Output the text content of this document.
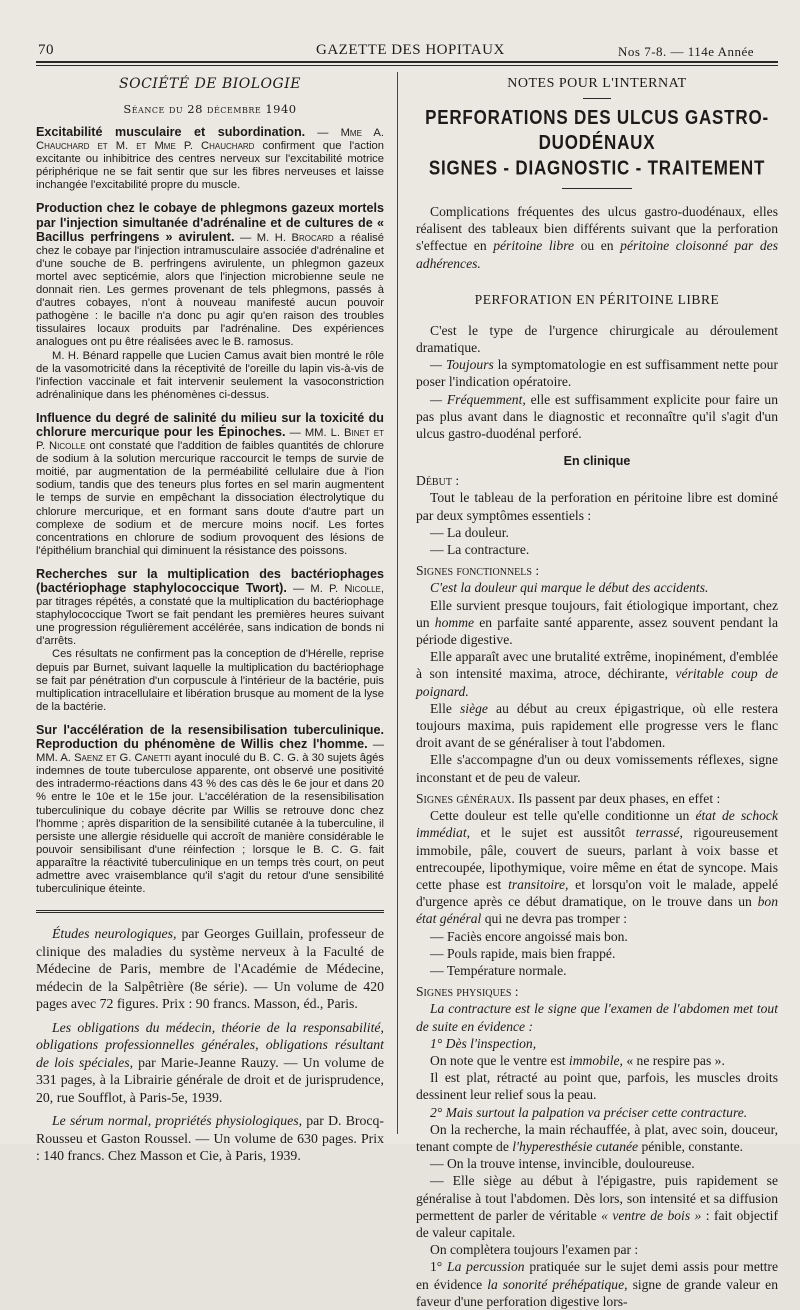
70	GAZETTE DES HOPITAUX	Nos 7-8. — 114e Année

SOCIÉTÉ DE BIOLOGIE

Séance du 28 décembre 1940

Excitabilité musculaire et subordination. — Mme A. Chauchard et M. et Mme P. Chauchard confirment que l'action excitante ou inhibitrice des centres nerveux sur l'excitabilité motrice périphérique ne se fait sentir que sur les fibres nerveuses et laisse inchangée l'excitabilité propre du muscle.

Production chez le cobaye de phlegmons gazeux mortels par l'injection simultanée d'adrénaline et de cultures de « Bacillus perfringens » avirulent. — M. H. Brocard a réalisé chez le cobaye par l'injection intramusculaire associée d'adrénaline et d'une souche de B. perfringens avirulente, un phlegmon gazeux mortel avec septicémie, alors que l'injection microbienne seule ne donnait rien. Les germes provenant de tels phlegmons, passés à d'autres cobayes, n'ont à nouveau manifesté aucun pouvoir pathogène : le bacille n'a donc pu agir qu'en raison des troubles tissulaires locaux produits par l'adrénaline. Des expériences analogues ont pu être réalisées avec le B. ramosus.

M. H. Bénard rappelle que Lucien Camus avait bien montré le rôle de la vasomotricité dans la réceptivité de l'oreille du lapin vis-à-vis de l'infection vaccinale et fait intervenir seulement la vasoconstriction adrénalinique dans les phénomènes ci-dessus.

Influence du degré de salinité du milieu sur la toxicité du chlorure mercurique pour les Épinoches. — MM. L. Binet et P. Nicolle ont constaté que l'addition de faibles quantités de chlorure de sodium à la solution mercurique raccourcit le temps de survie de moitié, par augmentation de la perméabilité cellulaire due à l'ion sodium, tandis que des teneurs plus fortes en sel marin augmentent le temps de survie en empêchant la dissociation électrolytique du chlorure mercurique, et en formant sans doute d'autre part un complexe de sodium et de mercure moins nocif. Les fortes concentrations en chlorure de sodium provoquent des lésions de l'épithélium branchial qui diminuent la résistance des poissons.

Recherches sur la multiplication des bactériophages (bactériophage staphylococcique Twort). — M. P. Nicolle, par titrages répétés, a constaté que la multiplication du bactériophage staphylococcique Twort se fait pendant les premières heures suivant une progression régulièrement accélérée, sans indication de bonds ni d'arrêts.

Ces résultats ne confirment pas la conception de d'Hérelle, reprise depuis par Burnet, suivant laquelle la multiplication du bactériophage se fait par pénétration d'un corpuscule à l'intérieur de la bactérie, puis multiplication intracellulaire et libération brusque au moment de la lyse de la bactérie.

Sur l'accélération de la resensibilisation tuberculinique. Reproduction du phénomène de Willis chez l'homme. — MM. A. Saenz et G. Canetti ayant inoculé du B. C. G. à 30 sujets âgés indemnes de toute tuberculose apparente, ont observé une positivité des intradermo-réactions dans 43 % des cas dès le 6e jour et dans 20 % entre le 10e et le 15e jour. L'accélération de la resensibilisation tuberculinique du cobaye décrite par Willis se retrouve donc chez l'homme ; après disparition de la sensibilité cutanée à la tuberculine, il persiste une allergie résiduelle qui accroît de manière considérable le pouvoir sensibilisant d'une réinfection ; lorsque le B. C. G. fait apparaître la réactivité tuberculinique en un temps très court, on peut admettre avec vraisemblance qu'il s'agit du retour d'une sensibilité tuberculinique éteinte.

Études neurologiques, par Georges Guillain, professeur de clinique des maladies du système nerveux à la Faculté de Médecine de Paris, membre de l'Académie de Médecine, médecin de la Salpêtrière (8e série). — Un volume de 420 pages avec 72 figures. Prix : 90 francs. Masson, éd., Paris.

Les obligations du médecin, théorie de la responsabilité, obligations professionnelles générales, obligations résultant de lois spéciales, par Marie-Jeanne Rauzy. — Un volume de 331 pages, à la Librairie générale de droit et de jurisprudence, 20, rue Soufflot, à Paris-5e, 1939.

Le sérum normal, propriétés physiologiques, par D. Brocq-Rousseu et Gaston Roussel. — Un volume de 630 pages. Prix : 140 francs. Chez Masson et Cie, à Paris, 1939.

NOTES POUR L'INTERNAT

PERFORATIONS DES ULCUS GASTRO-DUODÉNAUX
SIGNES - DIAGNOSTIC - TRAITEMENT

Complications fréquentes des ulcus gastro-duodénaux, elles réalisent des tableaux bien différents suivant que la perforation s'effectue en péritoine libre ou en péritoine cloisonné par des adhérences.

PERFORATION EN PÉRITOINE LIBRE

C'est le type de l'urgence chirurgicale au déroulement dramatique.

— Toujours la symptomatologie en est suffisamment nette pour poser l'indication opératoire.

— Fréquemment, elle est suffisamment explicite pour faire un pas plus avant dans le diagnostic et reconnaître qu'il s'agit d'un ulcus gastro-duodénal perforé.

En clinique

Début :

Tout le tableau de la perforation en péritoine libre est dominé par deux symptômes essentiels :

— La douleur.

— La contracture.

Signes fonctionnels :

C'est la douleur qui marque le début des accidents.

Elle survient presque toujours, fait étiologique important, chez un homme en parfaite santé apparente, assez souvent pendant la période digestive.

Elle apparaît avec une brutalité extrême, inopinément, d'emblée à son intensité maxima, atroce, déchirante, véritable coup de poignard.

Elle siège au début au creux épigastrique, où elle restera toujours maxima, puis rapidement elle progresse vers le flanc droit avant de se généraliser à tout l'abdomen.

Elle s'accompagne d'un ou deux vomissements réflexes, signe inconstant et de peu de valeur.

Signes généraux. Ils passent par deux phases, en effet :

Cette douleur est telle qu'elle conditionne un état de schock immédiat, et le sujet est aussitôt terrassé, rigoureusement immobile, pâle, couvert de sueurs, parlant à voix basse et entrecoupée, lipothymique, voire même en état de syncope. Mais cette phase est transitoire, et lorsqu'on voit le malade, appelé d'urgence après ce début dramatique, on le trouve dans un bon état général qui ne devra pas tromper :

— Faciès encore angoissé mais bon.

— Pouls rapide, mais bien frappé.

— Température normale.

Signes physiques :

La contracture est le signe que l'examen de l'abdomen met tout de suite en évidence :

1° Dès l'inspection,

On note que le ventre est immobile, « ne respire pas ».

Il est plat, rétracté au point que, parfois, les muscles droits dessinent leur relief sous la peau.

2° Mais surtout la palpation va préciser cette contracture.

On la recherche, la main réchauffée, à plat, avec soin, douceur, tenant compte de l'hyperesthésie cutanée pénible, constante.

— On la trouve intense, invincible, douloureuse.

— Elle siège au début à l'épigastre, puis rapidement se généralise à tout l'abdomen. Dès lors, son intensité et sa diffusion permettent de parler de véritable « ventre de bois » : fait objectif de valeur capitale.

On complètera toujours l'examen par :

1° La percussion pratiquée sur le sujet demi assis pour mettre en évidence la sonorité préhépatique, signe de grande valeur en faveur d'une perforation digestive lors-
